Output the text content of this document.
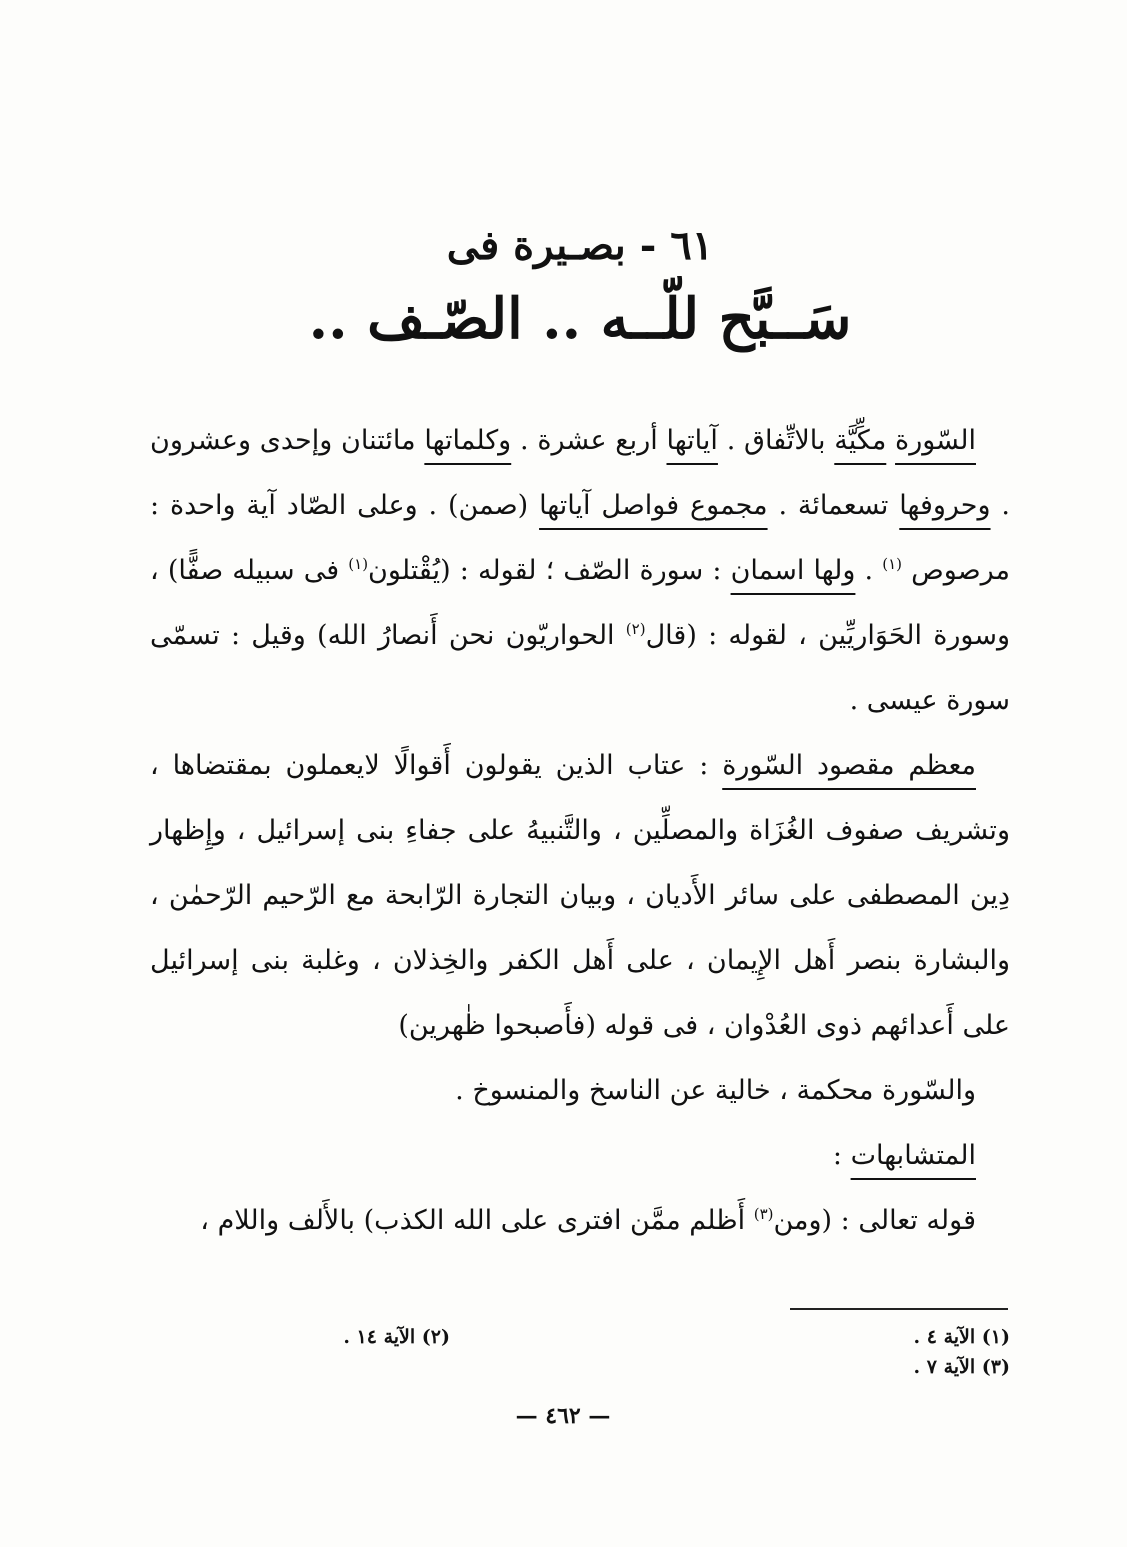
٦١ - بصـيرة فى
سَــبَّح للّــه .. الصّـف ..

السّورة مكِّيَّة بالاتِّفاق . آياتها أربع عشرة . وكلماتها مائتنان وإحدى وعشرون . وحروفها تسعمائة . مجموع فواصل آياتها (صمن) . وعلى الصّاد آية واحدة : مرصوص $^{(١)}$ . ولها اسمان : سورة الصّف ؛ لقوله : (يُقْتلون$^{(١)}$ فى سبيله صفًّا) ، وسورة الحَوَاريِّين ، لقوله : (قال$^{(٢)}$ الحواريّون نحن أَنصارُ الله) وقيل : تسمّى سورة عيسى .

معظم مقصود السّورة : عتاب الذين يقولون أَقوالًا لايعملون بمقتضاها ، وتشريف صفوف الغُزَاة والمصلِّين ، والتَّنبيهُ على جفاءِ بنى إسرائيل ، وإِظهار دِين المصطفى على سائر الأَديان ، وبيان التجارة الرّابحة مع الرّحيم الرّحمٰن ، والبشارة بنصر أَهل الإِيمان ، على أَهل الكفر والخِذلان ، وغلبة بنى إسرائيل على أَعدائهم ذوى العُدْوان ، فى قوله (فأَصبحوا ظٰهرين)

والسّورة محكمة ، خالية عن الناسخ والمنسوخ .

المتشابهات :

قوله تعالى : (ومن$^{(٣)}$ أَظلم ممَّن افترى على الله الكذب) بالأَلف واللام ،

(١) الآية ٤ .
(٢) الآية ١٤ .
(٣) الآية ٧ .
— ٤٦٢ —
